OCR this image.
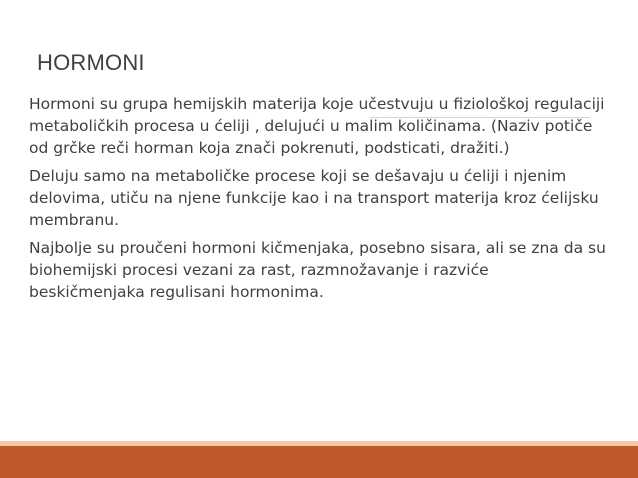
HORMONI

Hormoni su grupa hemijskih materija koje učestvuju u fiziološkoj regulaciji metaboličkih procesa u ćeliji , delujući u malim količinama. (Naziv potiče od grčke reči horman koja znači pokrenuti, podsticati, dražiti.)

Deluju samo na metaboličke procese koji se dešavaju u ćeliji i njenim delovima, utiču na njene funkcije kao i na transport materija kroz ćelijsku membranu.

Najbolje su proučeni hormoni kičmenjaka, posebno sisara, ali se zna da su biohemijski procesi vezani za rast, razmnožavanje i razviće beskičmenjaka regulisani hormonima.
